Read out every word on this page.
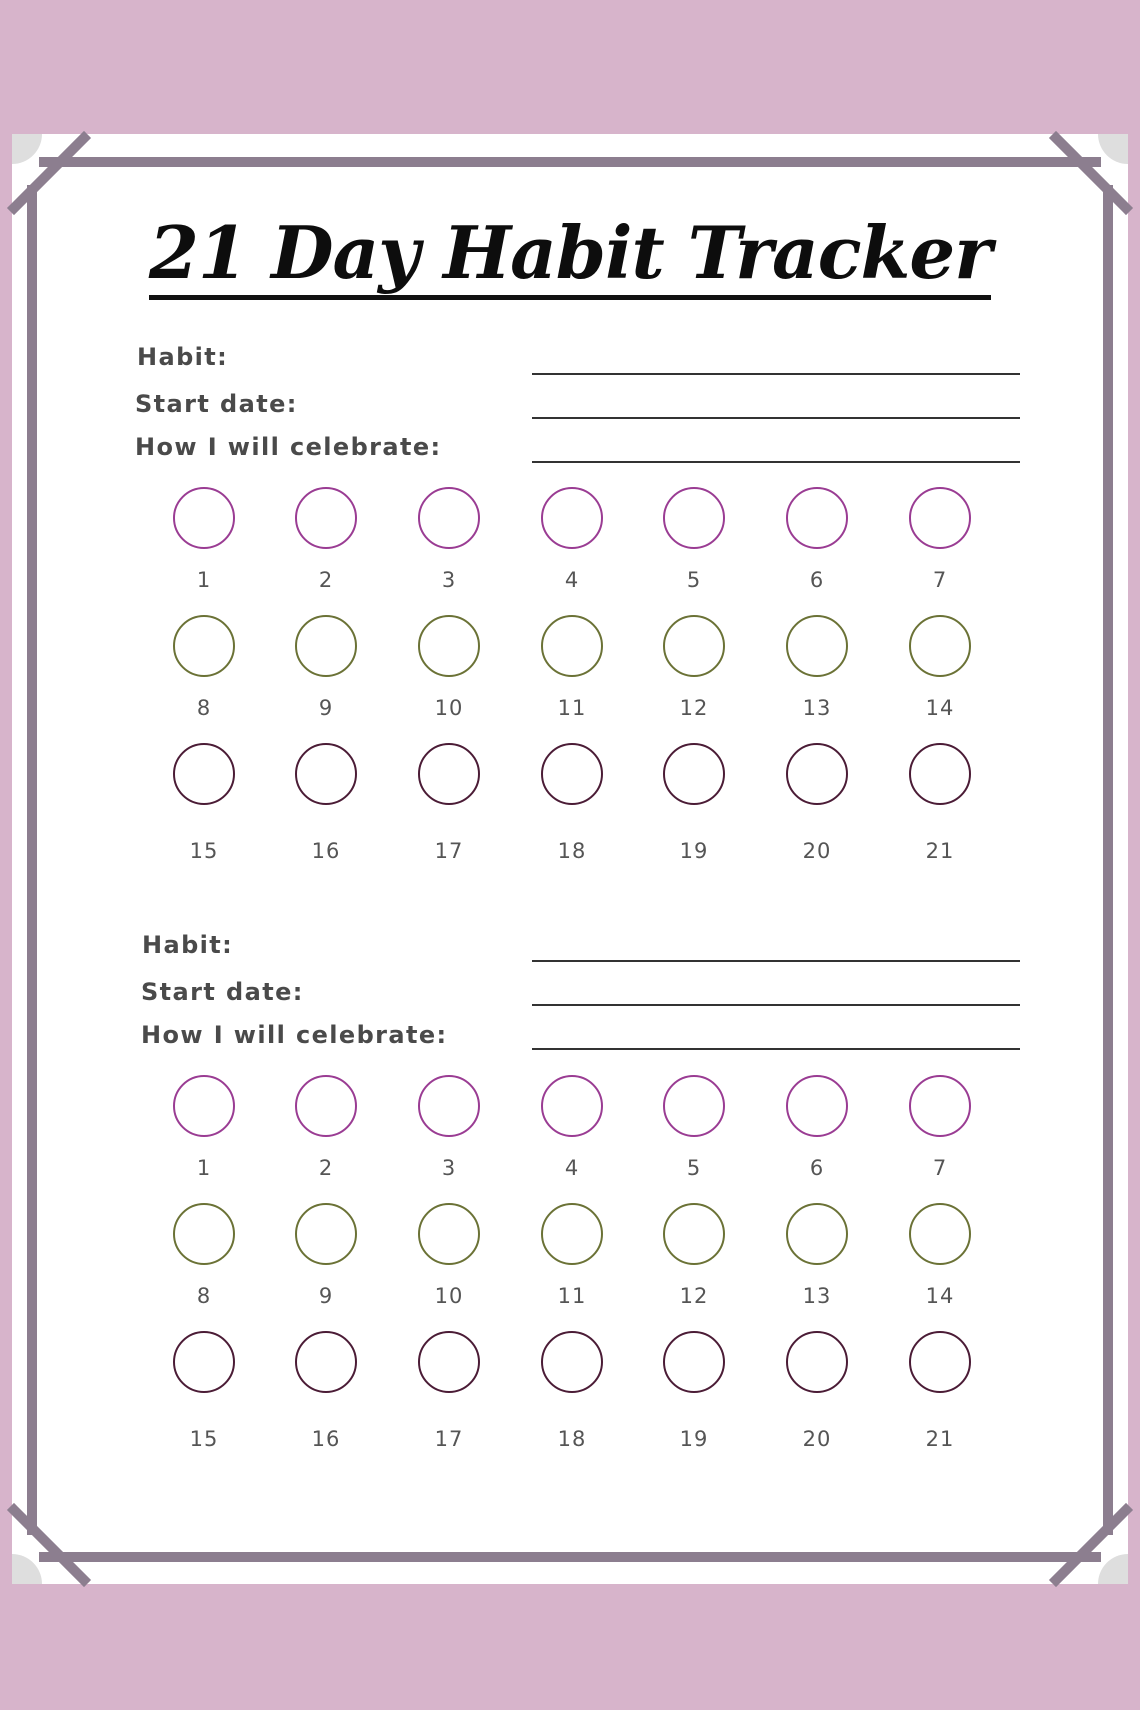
21 Day Habit Tracker
Habit:
Start date:
How I will celebrate:
1	2	3	4	5	6	7
8	9	10	11	12	13	14
15	16	17	18	19	20	21
Habit:
Start date:
How I will celebrate:
1	2	3	4	5	6	7
8	9	10	11	12	13	14
15	16	17	18	19	20	21
